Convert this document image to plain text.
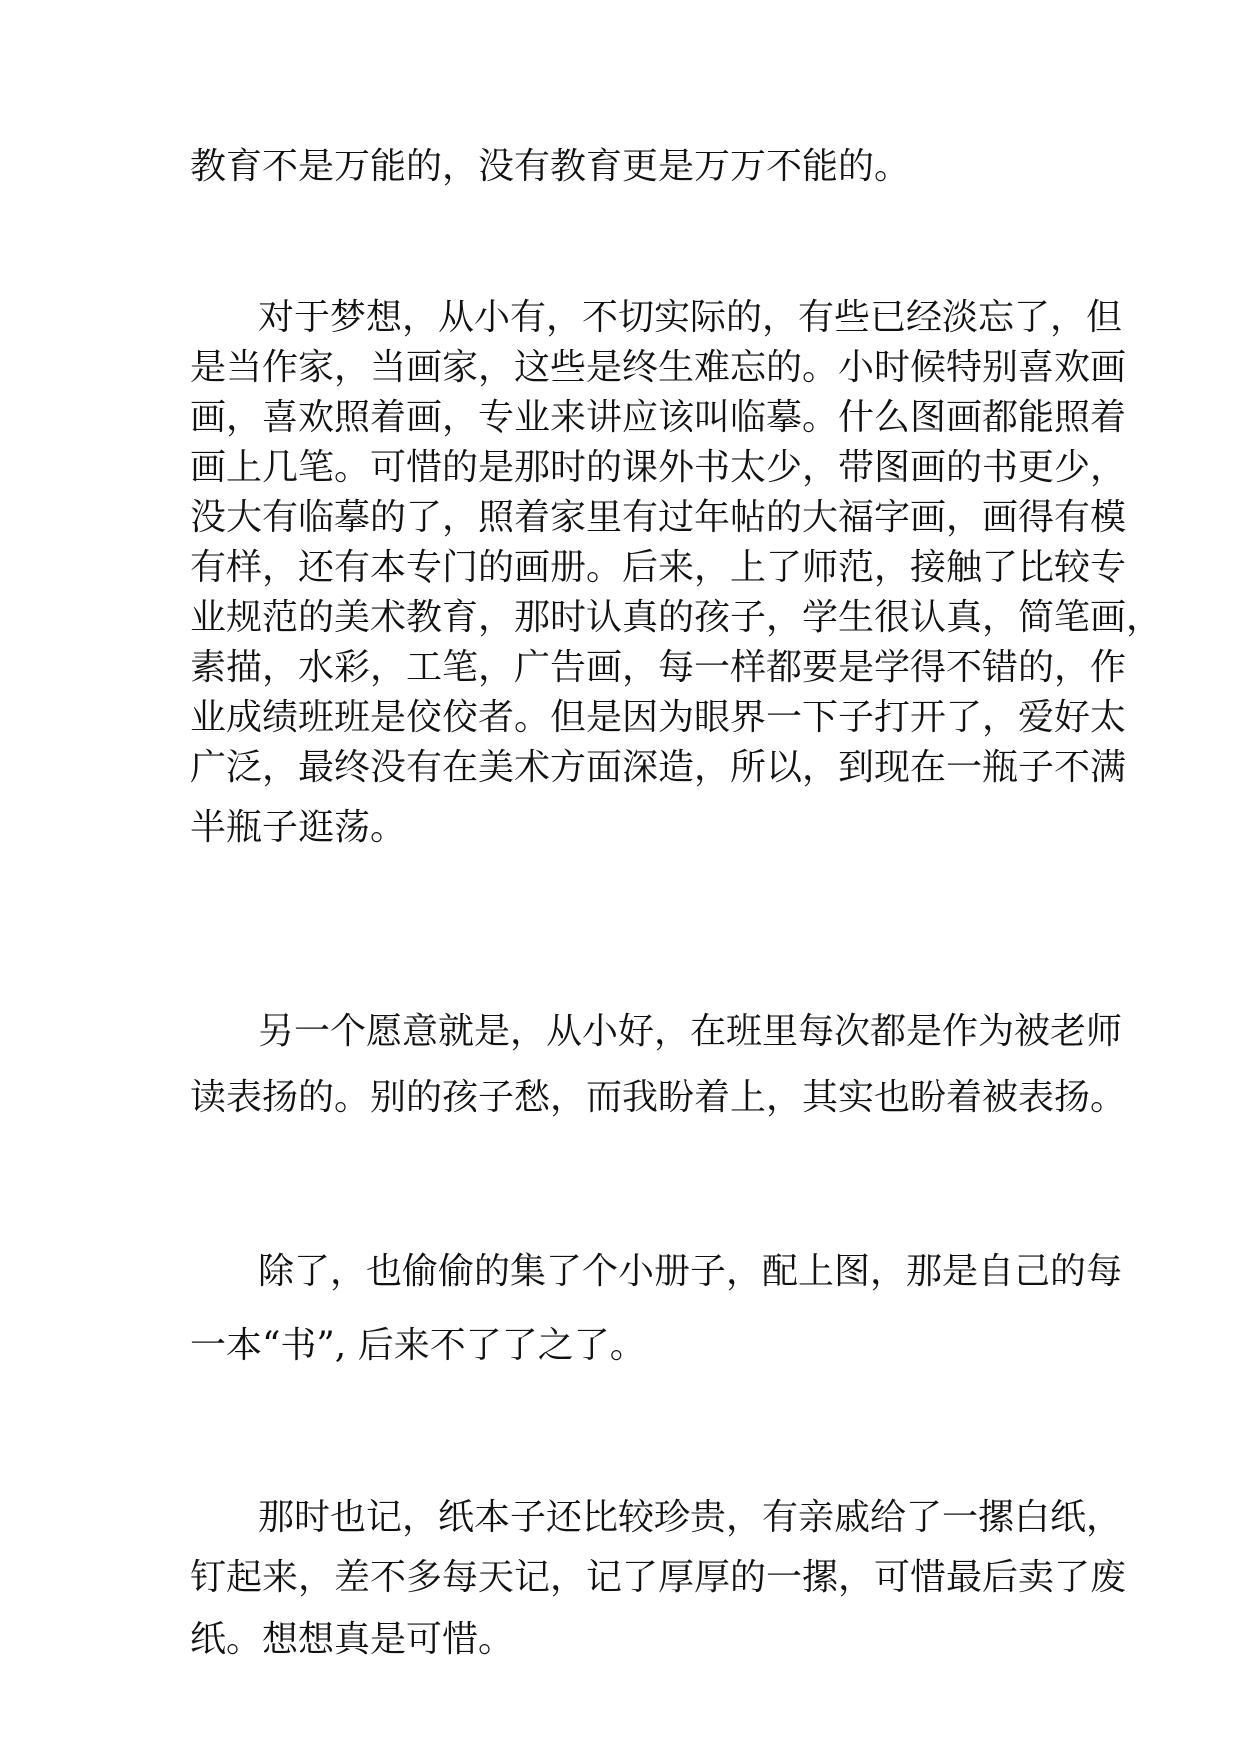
教育不是万能的，没有教育更是万万不能的。
对于梦想，从小有，不切实际的，有些已经淡忘了，但
是当作家，当画家，这些是终生难忘的。小时候特别喜欢画
画，喜欢照着画，专业来讲应该叫临摹。什么图画都能照着
画上几笔。可惜的是那时的课外书太少，带图画的书更少，
没大有临摹的了，照着家里有过年帖的大福字画，画得有模
有样，还有本专门的画册。后来，上了师范，接触了比较专
业规范的美术教育，那时认真的孩子，学生很认真，简笔画，
素描，水彩，工笔，广告画，每一样都要是学得不错的，作
业成绩班班是佼佼者。但是因为眼界一下子打开了，爱好太
广泛，最终没有在美术方面深造，所以，到现在一瓶子不满
半瓶子逛荡。
另一个愿意就是，从小好，在班里每次都是作为被老师
读表扬的。别的孩子愁，而我盼着上，其实也盼着被表扬。
除了，也偷偷的集了个小册子，配上图，那是自己的每
一本“书”, 后来不了了之了。
那时也记，纸本子还比较珍贵，有亲戚给了一摞白纸，
钉起来，差不多每天记，记了厚厚的一摞，可惜最后卖了废
纸。想想真是可惜。
